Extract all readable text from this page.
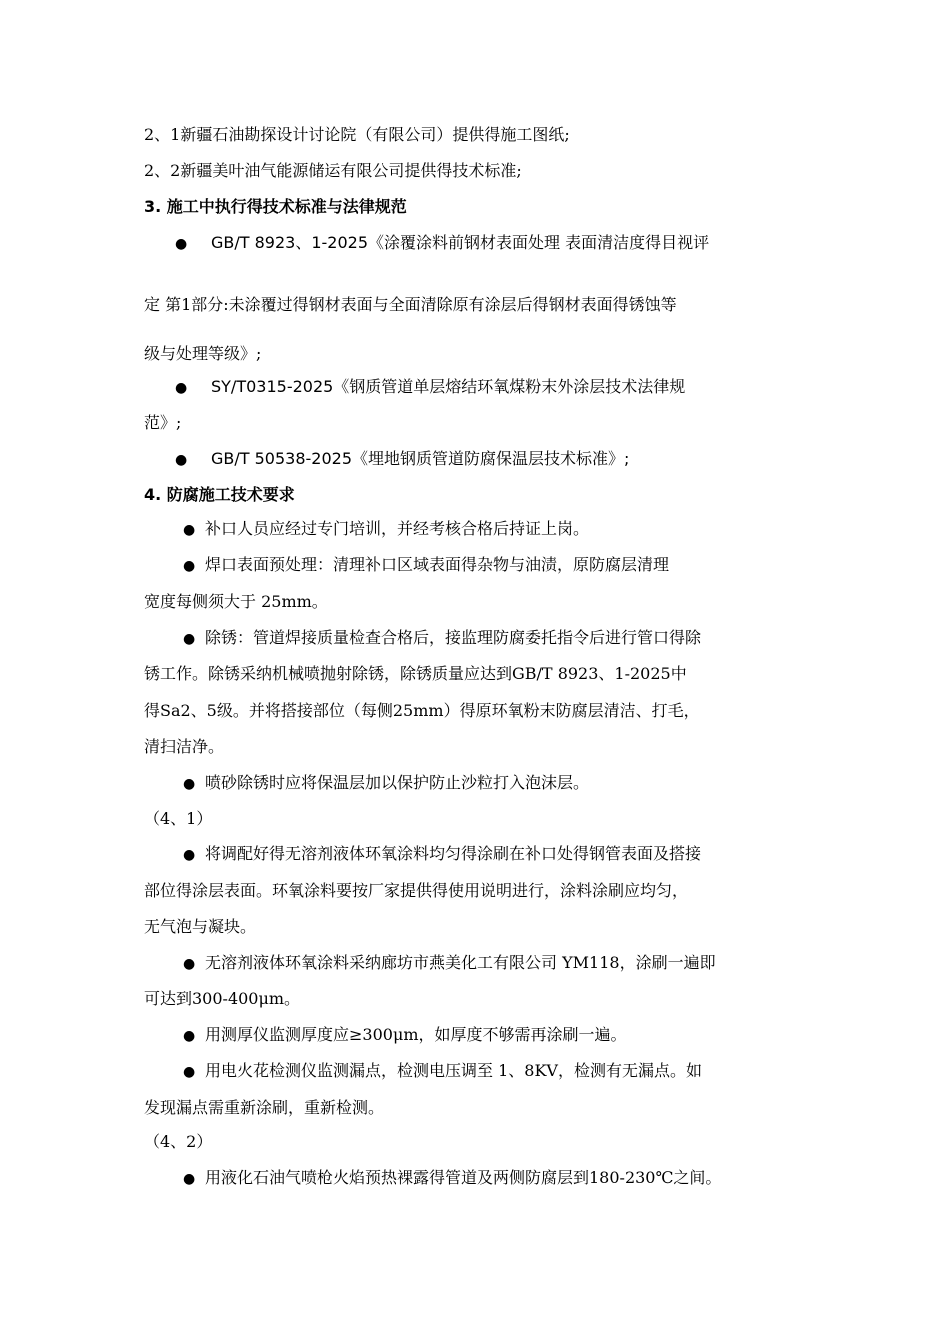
2、1新疆石油勘探设计讨论院（有限公司）提供得施工图纸;
2、2新疆美叶油气能源储运有限公司提供得技术标准;
3. 施工中执行得技术标准与法律规范
● GB/T 8923、1-2025《涂覆涂料前钢材表面处理 表面清洁度得目视评
定 第1部分:未涂覆过得钢材表面与全面清除原有涂层后得钢材表面得锈蚀等
级与处理等级》;
● SY/T0315-2025《钢质管道单层熔结环氧煤粉末外涂层技术法律规
范》;
● GB/T 50538-2025《埋地钢质管道防腐保温层技术标准》;
4. 防腐施工技术要求
● 补口人员应经过专门培训，并经考核合格后持证上岗。
● 焊口表面预处理：清理补口区域表面得杂物与油渍，原防腐层清理
宽度每侧须大于 25mm。
● 除锈：管道焊接质量检查合格后，接监理防腐委托指令后进行管口得除
锈工作。除锈采纳机械喷抛射除锈，除锈质量应达到GB/T 8923、1-2025中
得Sa2、5级。并将搭接部位（每侧25mm）得原环氧粉末防腐层清洁、打毛，
清扫洁净。
● 喷砂除锈时应将保温层加以保护防止沙粒打入泡沫层。
（4、1）
● 将调配好得无溶剂液体环氧涂料均匀得涂刷在补口处得钢管表面及搭接
部位得涂层表面。环氧涂料要按厂家提供得使用说明进行，涂料涂刷应均匀，
无气泡与凝块。
● 无溶剂液体环氧涂料采纳廊坊市燕美化工有限公司 YM118，涂刷一遍即
可达到300-400μm。
● 用测厚仪监测厚度应≥300μm，如厚度不够需再涂刷一遍。
● 用电火花检测仪监测漏点，检测电压调至 1、8KV，检测有无漏点。如
发现漏点需重新涂刷，重新检测。
（4、2）
● 用液化石油气喷枪火焰预热裸露得管道及两侧防腐层到180-230℃之间。
